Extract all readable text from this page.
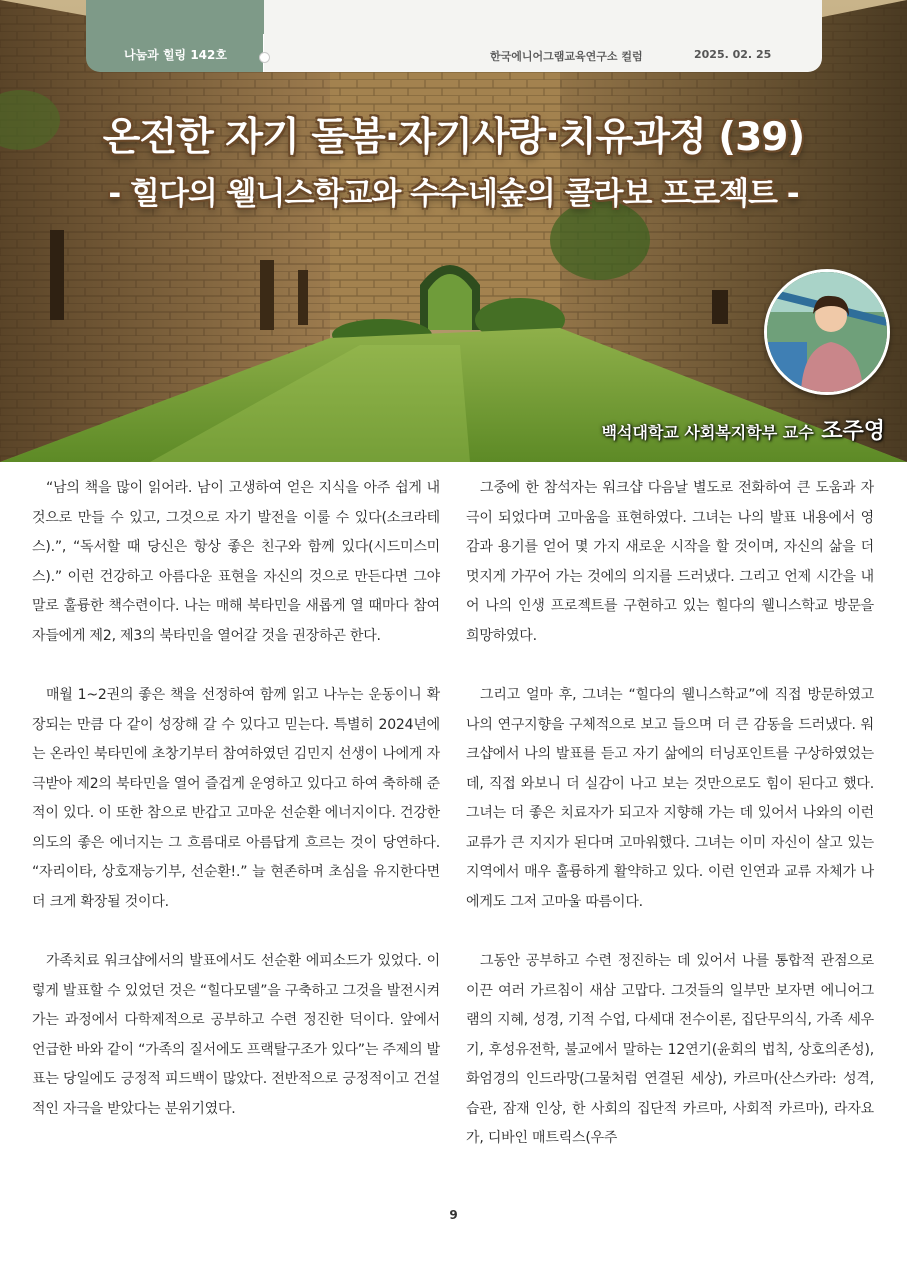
나눔과 힐링 142호	한국에니어그램교육연구소 컬럼	2025. 02. 25
온전한 자기 돌봄·자기사랑·치유과정 (39)
- 힐다의 웰니스학교와 수수네숲의 콜라보 프로젝트 -
백석대학교 사회복지학부 교수 조주영

“남의 책을 많이 읽어라. 남이 고생하여 얻은 지식을 아주 쉽게 내 것으로 만들 수 있고, 그것으로 자기 발전을 이룰 수 있다(소크라테스).”, “독서할 때 당신은 항상 좋은 친구와 함께 있다(시드미스미스).” 이런 건강하고 아름다운 표현을 자신의 것으로 만든다면 그야말로 훌륭한 책수련이다. 나는 매해 북타민을 새롭게 열 때마다 참여자들에게 제2, 제3의 북타민을 열어갈 것을 권장하곤 한다.

매월 1~2권의 좋은 책을 선정하여 함께 읽고 나누는 운동이니 확장되는 만큼 다 같이 성장해 갈 수 있다고 믿는다. 특별히 2024년에는 온라인 북타민에 초창기부터 참여하였던 김민지 선생이 나에게 자극받아 제2의 북타민을 열어 즐겁게 운영하고 있다고 하여 축하해 준 적이 있다. 이 또한 참으로 반갑고 고마운 선순환 에너지이다. 건강한 의도의 좋은 에너지는 그 흐름대로 아름답게 흐르는 것이 당연하다. “자리이타, 상호재능기부, 선순환!.” 늘 현존하며 초심을 유지한다면 더 크게 확장될 것이다.

가족치료 워크샵에서의 발표에서도 선순환 에피소드가 있었다. 이렇게 발표할 수 있었던 것은 “힐다모델”을 구축하고 그것을 발전시켜 가는 과정에서 다학제적으로 공부하고 수련 정진한 덕이다. 앞에서 언급한 바와 같이 “가족의 질서에도 프랙탈구조가 있다”는 주제의 발표는 당일에도 긍정적 피드백이 많았다. 전반적으로 긍정적이고 건설적인 자극을 받았다는 분위기였다.

그중에 한 참석자는 워크샵 다음날 별도로 전화하여 큰 도움과 자극이 되었다며 고마움을 표현하였다. 그녀는 나의 발표 내용에서 영감과 용기를 얻어 몇 가지 새로운 시작을 할 것이며, 자신의 삶을 더 멋지게 가꾸어 가는 것에의 의지를 드러냈다. 그리고 언제 시간을 내어 나의 인생 프로젝트를 구현하고 있는 힐다의 웰니스학교 방문을 희망하였다.

그리고 얼마 후, 그녀는 “힐다의 웰니스학교”에 직접 방문하였고 나의 연구지향을 구체적으로 보고 들으며 더 큰 감동을 드러냈다. 워크샵에서 나의 발표를 듣고 자기 삶에의 터닝포인트를 구상하였었는데, 직접 와보니 더 실감이 나고 보는 것만으로도 힘이 된다고 했다. 그녀는 더 좋은 치료자가 되고자 지향해 가는 데 있어서 나와의 이런 교류가 큰 지지가 된다며 고마워했다. 그녀는 이미 자신이 살고 있는 지역에서 매우 훌륭하게 활약하고 있다. 이런 인연과 교류 자체가 나에게도 그저 고마울 따름이다.

그동안 공부하고 수련 정진하는 데 있어서 나를 통합적 관점으로 이끈 여러 가르침이 새삼 고맙다. 그것들의 일부만 보자면 에니어그램의 지혜, 성경, 기적 수업, 다세대 전수이론, 집단무의식, 가족 세우기, 후성유전학, 불교에서 말하는 12연기(윤회의 법칙, 상호의존성), 화엄경의 인드라망(그물처럼 연결된 세상), 카르마(산스카라: 성격, 습관, 잠재 인상, 한 사회의 집단적 카르마, 사회적 카르마), 라자요가, 디바인 매트릭스(우주

9
